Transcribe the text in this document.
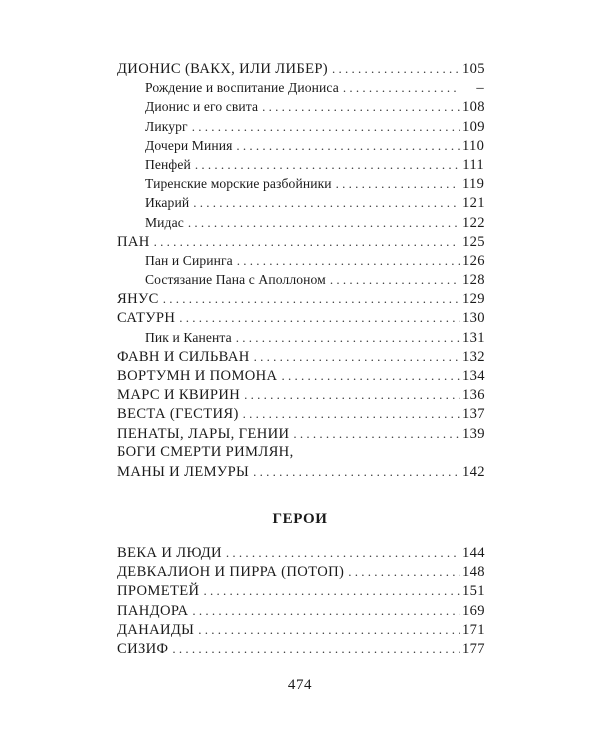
ДИОНИС (ВАКХ, ИЛИ ЛИБЕР) . . .	105
Рождение и воспитание Диониса . . .	–
Дионис и его свита . . .	108
Ликург . . .	109
Дочери Миния . . .	110
Пенфей . . .	111
Тиренские морские разбойники . . .	119
Икарий . . .	121
Мидас . . .	122
ПАН . . .	125
Пан и Сиринга . . .	126
Состязание Пана с Аполлоном . . .	128
ЯНУС . . .	129
САТУРН . . .	130
Пик и Канента . . .	131
ФАВН И СИЛЬВАН . . .	132
ВОРТУМН И ПОМОНА . . .	134
МАРС И КВИРИН . . .	136
ВЕСТА (ГЕСТИЯ) . . .	137
ПЕНАТЫ, ЛАРЫ, ГЕНИИ . . .	139
БОГИ СМЕРТИ РИМЛЯН,
МАНЫ И ЛЕМУРЫ . . .	142
ГЕРОИ
ВЕКА И ЛЮДИ . . .	144
ДЕВКАЛИОН И ПИРРА (ПОТОП) . . .	148
ПРОМЕТЕЙ . . .	151
ПАНДОРА . . .	169
ДАНАИДЫ . . .	171
СИЗИФ . . .	177

474
